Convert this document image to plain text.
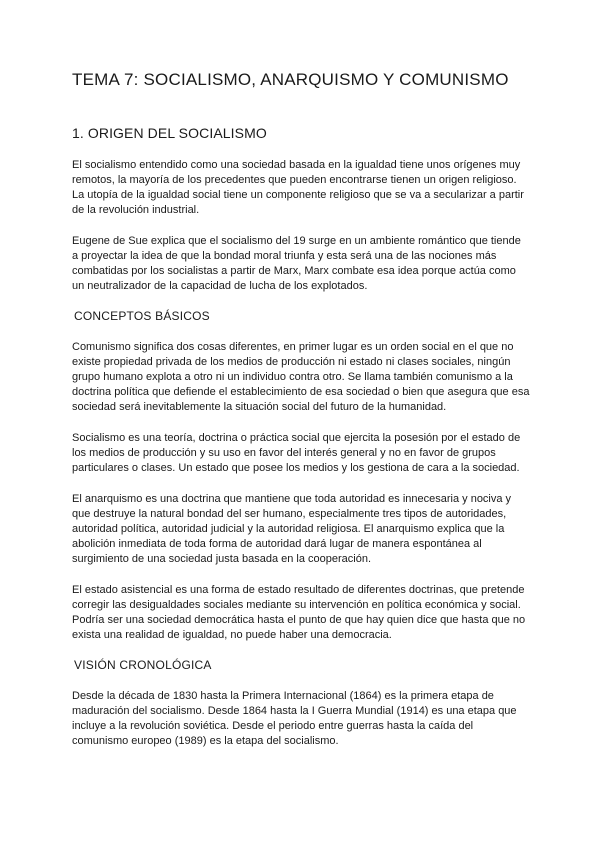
TEMA 7: SOCIALISMO, ANARQUISMO Y COMUNISMO
1. ORIGEN DEL SOCIALISMO

El socialismo entendido como una sociedad basada en la igualdad tiene unos orígenes muy remotos, la mayoría de los precedentes que pueden encontrarse tienen un origen religioso. La utopía de la igualdad social tiene un componente religioso que se va a secularizar a partir de la revolución industrial.

Eugene de Sue explica que el socialismo del 19 surge en un ambiente romántico que tiende a proyectar la idea de que la bondad moral triunfa y esta será una de las nociones más combatidas por los socialistas a partir de Marx, Marx combate esa idea porque actúa como un neutralizador de la capacidad de lucha de los explotados.

CONCEPTOS BÁSICOS

Comunismo significa dos cosas diferentes, en primer lugar es un orden social en el que no existe propiedad privada de los medios de producción ni estado ni clases sociales, ningún grupo humano explota a otro ni un individuo contra otro. Se llama también comunismo a la doctrina política que defiende el establecimiento de esa sociedad o bien que asegura que esa sociedad será inevitablemente la situación social del futuro de la humanidad.

Socialismo es una teoría, doctrina o práctica social que ejercita la posesión por el estado de los medios de producción y su uso en favor del interés general y no en favor de grupos particulares o clases. Un estado que posee los medios y los gestiona de cara a la sociedad.

El anarquismo es una doctrina que mantiene que toda autoridad es innecesaria y nociva y que destruye la natural bondad del ser humano, especialmente tres tipos de autoridades, autoridad política, autoridad judicial y la autoridad religiosa. El anarquismo explica que la abolición inmediata de toda forma de autoridad dará lugar de manera espontánea al surgimiento de una sociedad justa basada en la cooperación.

El estado asistencial es una forma de estado resultado de diferentes doctrinas, que pretende corregir las desigualdades sociales mediante su intervención en política económica y social. Podría ser una sociedad democrática hasta el punto de que hay quien dice que hasta que no exista una realidad de igualdad, no puede haber una democracia.

VISIÓN CRONOLÓGICA

Desde la década de 1830 hasta la Primera Internacional (1864) es la primera etapa de maduración del socialismo. Desde 1864 hasta la I Guerra Mundial (1914) es una etapa que incluye a la revolución soviética. Desde el periodo entre guerras hasta la caída del comunismo europeo (1989) es la etapa del socialismo.
